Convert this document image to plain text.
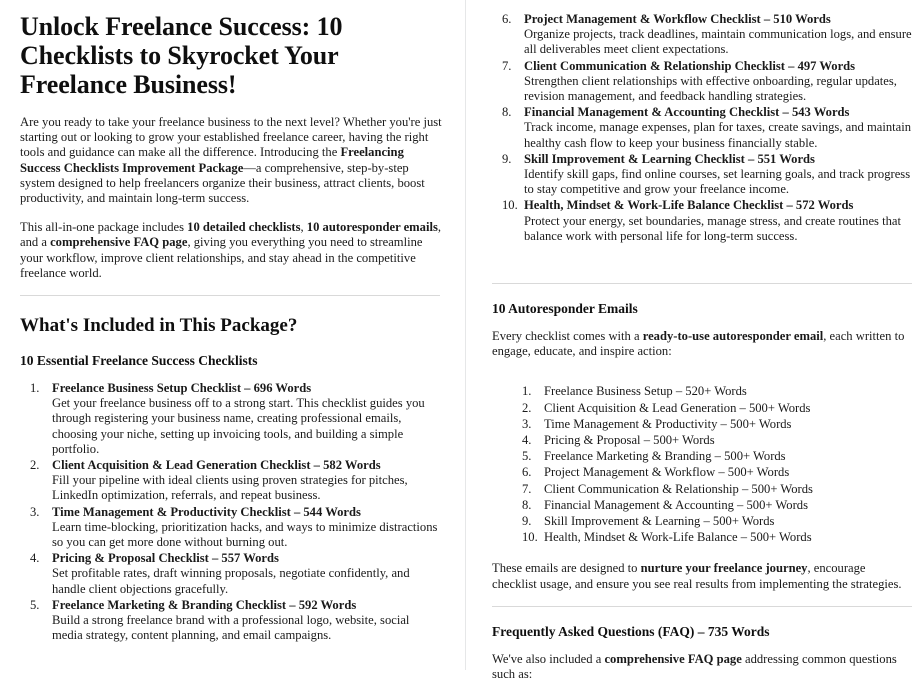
Unlock Freelance Success: 10 Checklists to Skyrocket Your Freelance Business!

Are you ready to take your freelance business to the next level? Whether you're just starting out or looking to grow your established freelance career, having the right tools and guidance can make all the difference. Introducing the Freelancing Success Checklists Improvement Package—a comprehensive, step-by-step system designed to help freelancers organize their business, attract clients, boost productivity, and maintain long-term success.

This all-in-one package includes 10 detailed checklists, 10 autoresponder emails, and a comprehensive FAQ page, giving you everything you need to streamline your workflow, improve client relationships, and stay ahead in the competitive freelance world.

What's Included in This Package?
10 Essential Freelance Success Checklists
Freelance Business Setup Checklist – 696 Words
Get your freelance business off to a strong start. This checklist guides you through registering your business name, creating professional emails, choosing your niche, setting up invoicing tools, and building a simple portfolio.
Client Acquisition & Lead Generation Checklist – 582 Words
Fill your pipeline with ideal clients using proven strategies for pitches, LinkedIn optimization, referrals, and repeat business.
Time Management & Productivity Checklist – 544 Words
Learn time-blocking, prioritization hacks, and ways to minimize distractions so you can get more done without burning out.
Pricing & Proposal Checklist – 557 Words
Set profitable rates, draft winning proposals, negotiate confidently, and handle client objections gracefully.
Freelance Marketing & Branding Checklist – 592 Words
Build a strong freelance brand with a professional logo, website, social media strategy, content planning, and email campaigns.
Project Management & Workflow Checklist – 510 Words
Organize projects, track deadlines, maintain communication logs, and ensure all deliverables meet client expectations.
Client Communication & Relationship Checklist – 497 Words
Strengthen client relationships with effective onboarding, regular updates, revision management, and feedback handling strategies.
Financial Management & Accounting Checklist – 543 Words
Track income, manage expenses, plan for taxes, create savings, and maintain healthy cash flow to keep your business financially stable.
Skill Improvement & Learning Checklist – 551 Words
Identify skill gaps, find online courses, set learning goals, and track progress to stay competitive and grow your freelance income.
Health, Mindset & Work-Life Balance Checklist – 572 Words
Protect your energy, set boundaries, manage stress, and create routines that balance work with personal life for long-term success.
10 Autoresponder Emails

Every checklist comes with a ready-to-use autoresponder email, each written to engage, educate, and inspire action:

Freelance Business Setup – 520+ Words
Client Acquisition & Lead Generation – 500+ Words
Time Management & Productivity – 500+ Words
Pricing & Proposal – 500+ Words
Freelance Marketing & Branding – 500+ Words
Project Management & Workflow – 500+ Words
Client Communication & Relationship – 500+ Words
Financial Management & Accounting – 500+ Words
Skill Improvement & Learning – 500+ Words
Health, Mindset & Work-Life Balance – 500+ Words

These emails are designed to nurture your freelance journey, encourage checklist usage, and ensure you see real results from implementing the strategies.

Frequently Asked Questions (FAQ) – 735 Words

We've also included a comprehensive FAQ page addressing common questions such as:
